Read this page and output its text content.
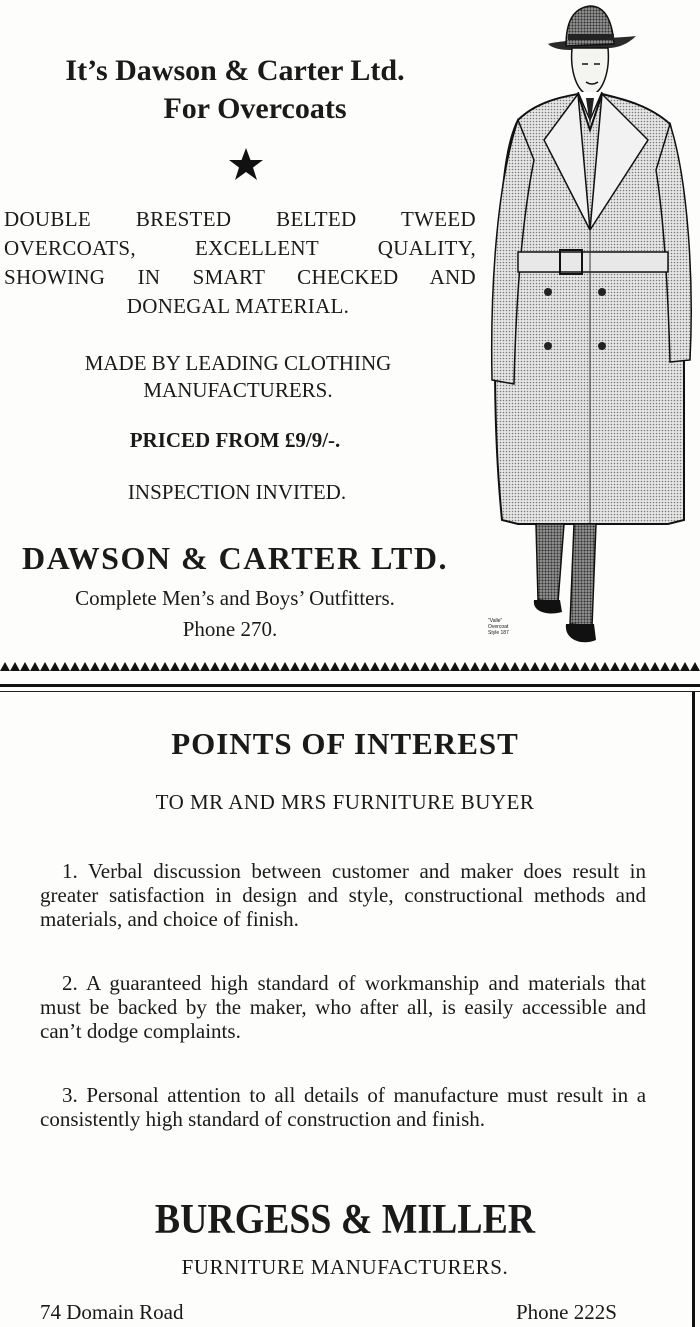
It’s Dawson & Carter Ltd.
For Overcoats
DOUBLE BRESTED BELTED TWEED
OVERCOATS, EXCELLENT QUALITY,
SHOWING IN SMART CHECKED AND
DONEGAL MATERIAL.
MADE BY LEADING CLOTHING
MANUFACTURERS.
PRICED FROM £9/9/-.
INSPECTION INVITED.
DAWSON & CARTER LTD.
Complete Men’s and Boys’ Outfitters.
Phone 270.	"Valle"
Overcoat
Style 187
POINTS OF INTEREST
TO MR AND MRS FURNITURE BUYER
1. Verbal discussion between customer and maker does result in greater satisfaction in design and style, constructional methods and materials, and choice of finish.
2. A guaranteed high standard of workmanship and materials that must be backed by the maker, who after all, is easily accessible and can’t dodge complaints.
3. Personal attention to all details of manufacture must result in a consistently high standard of construction and finish.
BURGESS & MILLER
FURNITURE MANUFACTURERS.
74 Domain Road	Phone 222S
